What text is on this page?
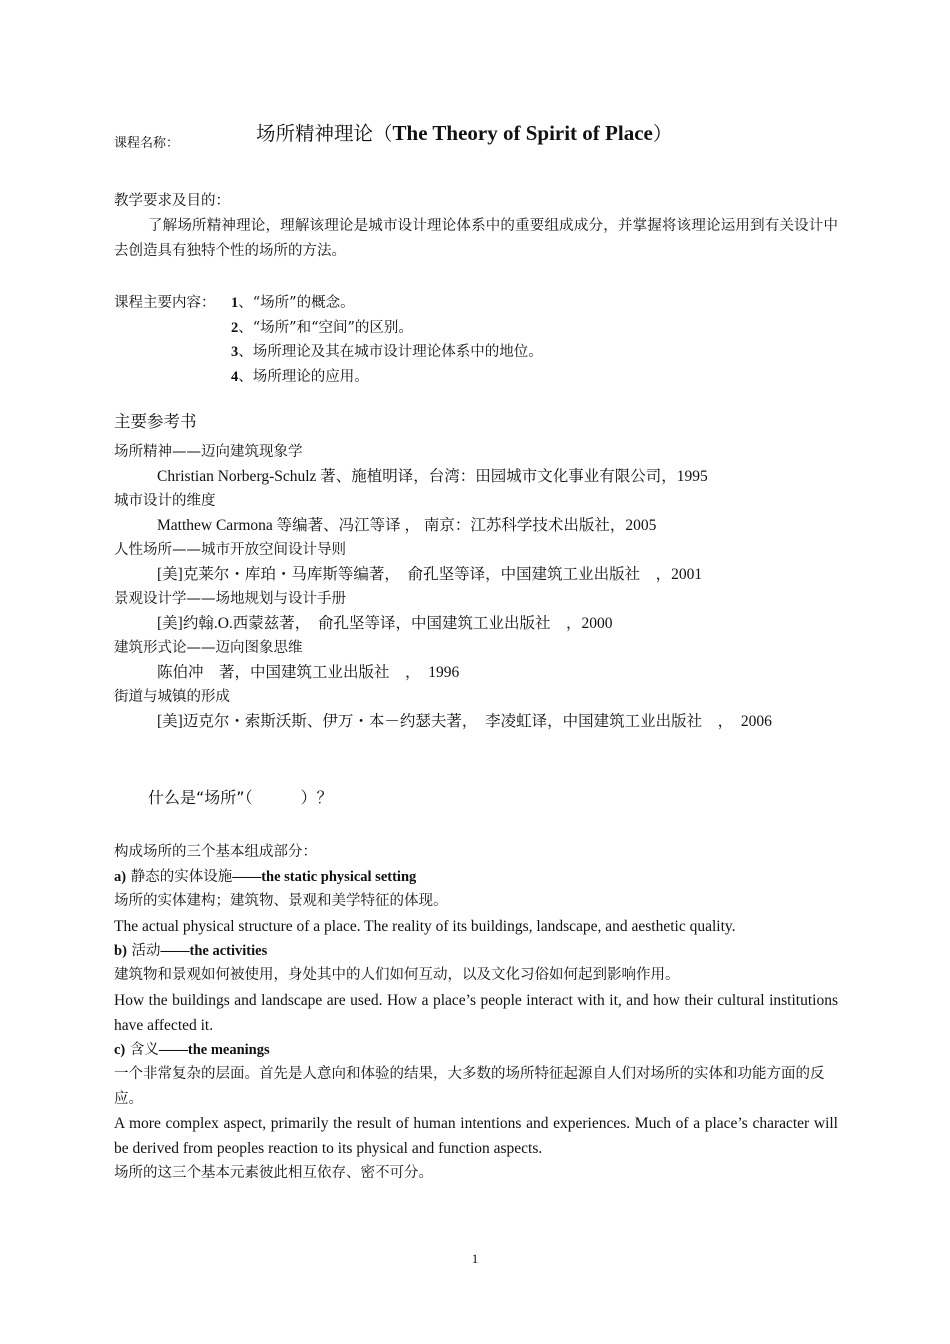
课程名称：	场所精神理论（The Theory of Spirit of Place）
教学要求及目的：
了解场所精神理论，理解该理论是城市设计理论体系中的重要组成成分，并掌握将该理论运用到有关设计中去创造具有独特个性的场所的方法。
课程主要内容： 1、“场所”的概念。
2、“场所”和“空间”的区别。
3、场所理论及其在城市设计理论体系中的地位。
4、场所理论的应用。
主要参考书
场所精神——迈向建筑现象学
Christian Norberg-Schulz 著、施植明译，台湾：田园城市文化事业有限公司，1995
城市设计的维度
Matthew Carmona 等编著、冯江等译 ， 南京：江苏科学技术出版社，2005
人性场所——城市开放空间设计导则
[美]克莱尔・库珀・马库斯等编著，　俞孔坚等译，中国建筑工业出版社　，2001
景观设计学——场地规划与设计手册
[美]约翰.O.西蒙兹著，　俞孔坚等译，中国建筑工业出版社　，2000
建筑形式论——迈向图象思维
陈伯冲　著，中国建筑工业出版社　，　1996
街道与城镇的形成
[美]迈克尔・索斯沃斯、伊万・本－约瑟夫著，　李凌虹译，中国建筑工业出版社　，　2006
什么是“场所”（　　　）？
构成场所的三个基本组成部分：
a) 静态的实体设施——the static physical setting
场所的实体建构；建筑物、景观和美学特征的体现。
The actual physical structure of a place. The reality of its buildings, landscape, and aesthetic quality.
b) 活动——the activities
建筑物和景观如何被使用，身处其中的人们如何互动，以及文化习俗如何起到影响作用。
How the buildings and landscape are used. How a place’s people interact with it, and how their cultural institutions have affected it.
c) 含义——the meanings
一个非常复杂的层面。首先是人意向和体验的结果，大多数的场所特征起源自人们对场所的实体和功能方面的反应。
A more complex aspect, primarily the result of human intentions and experiences. Much of a place’s character will be derived from peoples reaction to its physical and function aspects.
场所的这三个基本元素彼此相互依存、密不可分。
1
